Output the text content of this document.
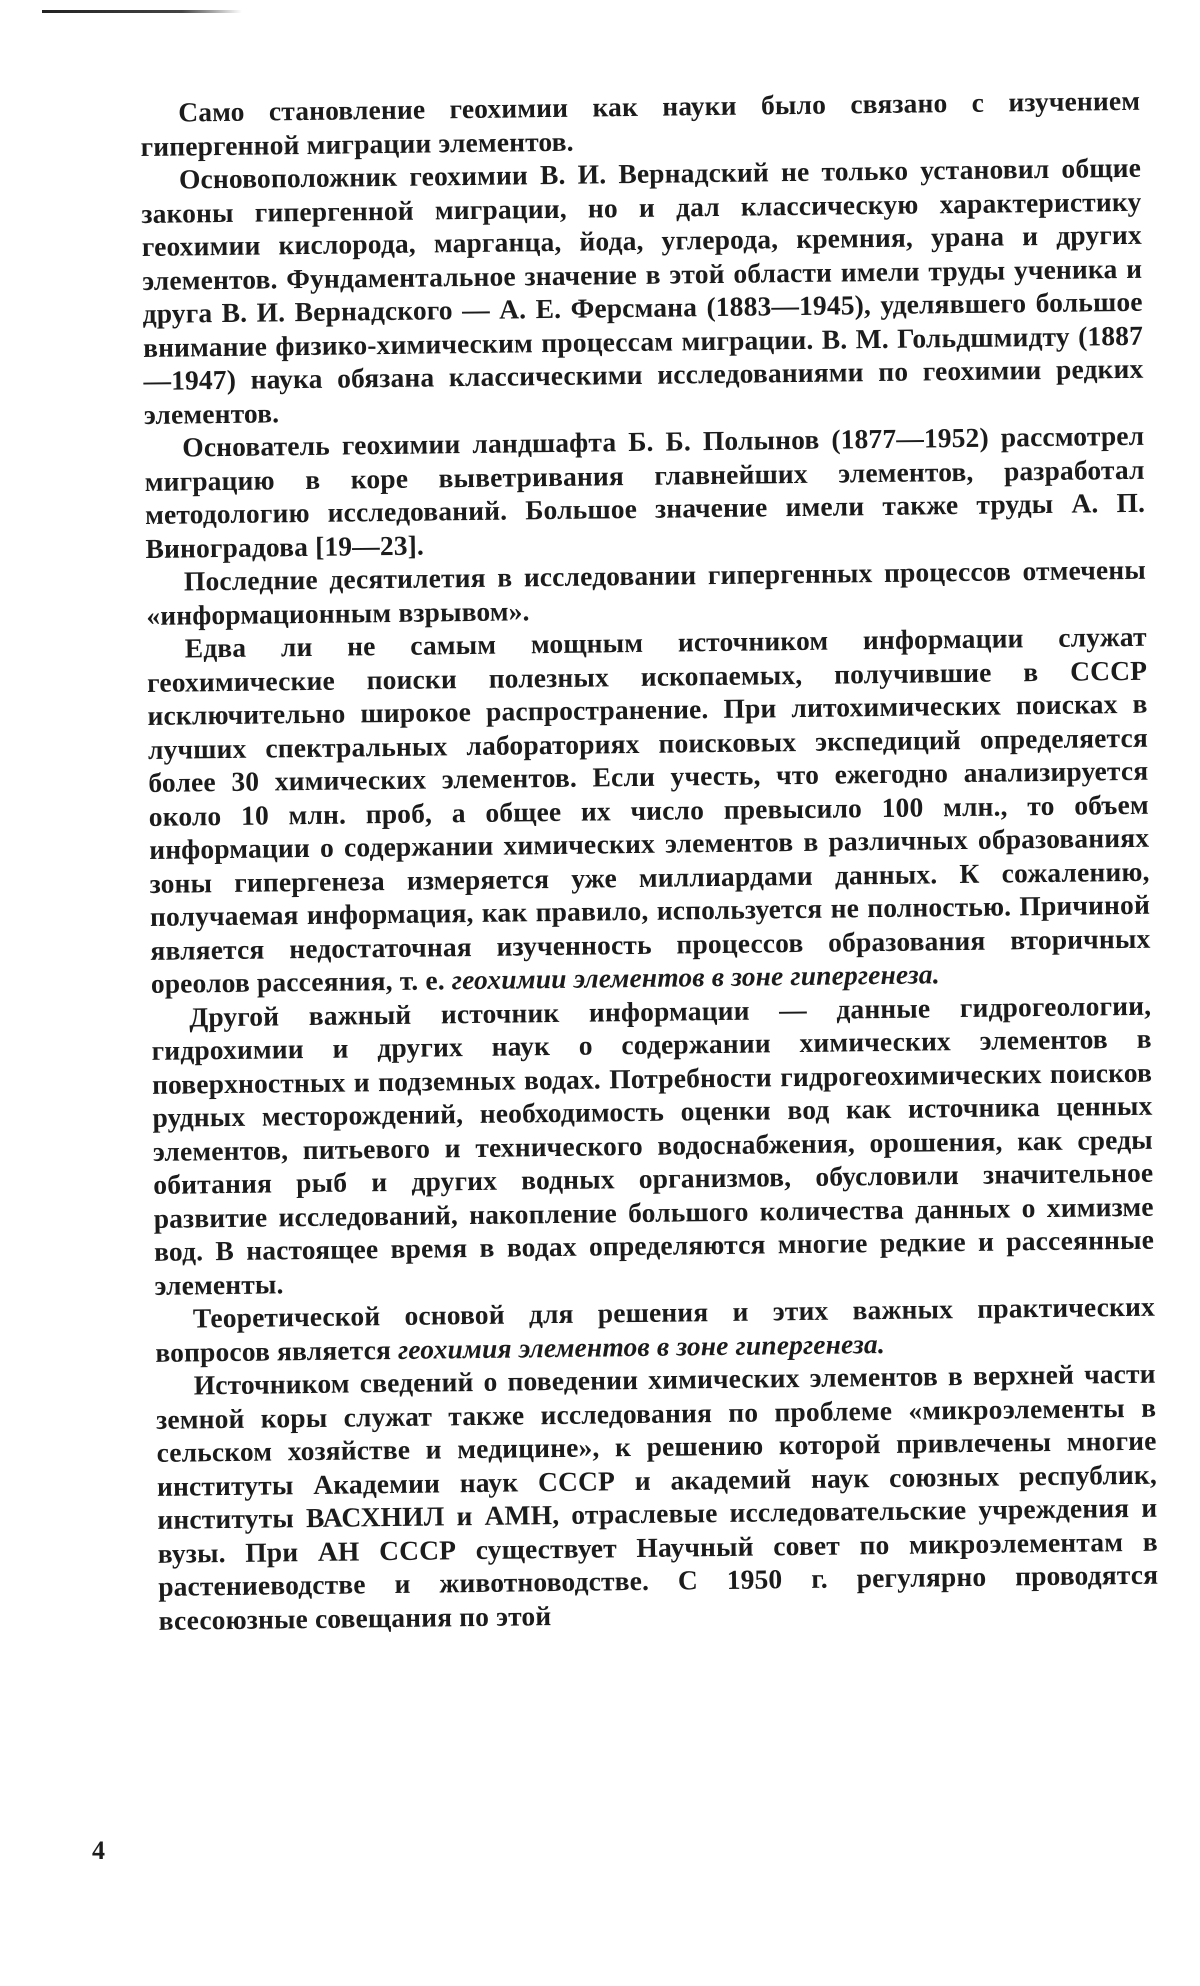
Само становление геохимии как науки было связано с изучением гипергенной миграции элементов.

Основоположник геохимии В. И. Вернадский не только установил общие законы гипергенной миграции, но и дал классическую характеристику геохимии кислорода, марганца, йода, углерода, кремния, урана и других элементов. Фундаментальное значение в этой области имели труды ученика и друга В. И. Вернадского — А. Е. Ферсмана (1883—1945), уделявшего большое внимание физико-химическим процессам миграции. В. М. Гольдшмидту (1887—1947) наука обязана классическими исследованиями по геохимии редких элементов.

Основатель геохимии ландшафта Б. Б. Полынов (1877—1952) рассмотрел миграцию в коре выветривания главнейших элементов, разработал методологию исследований. Большое значение имели также труды А. П. Виноградова [19—23].

Последние десятилетия в исследовании гипергенных процессов отмечены «информационным взрывом».

Едва ли не самым мощным источником информации служат геохимические поиски полезных ископаемых, получившие в СССР исключительно широкое распространение. При литохимических поисках в лучших спектральных лабораториях поисковых экспедиций определяется более 30 химических элементов. Если учесть, что ежегодно анализируется около 10 млн. проб, а общее их число превысило 100 млн., то объем информации о содержании химических элементов в различных образованиях зоны гипергенеза измеряется уже миллиардами данных. К сожалению, получаемая информация, как правило, используется не полностью. Причиной является недостаточная изученность процессов образования вторичных ореолов рассеяния, т. е. геохимии элементов в зоне гипергенеза.

Другой важный источник информации — данные гидрогеологии, гидрохимии и других наук о содержании химических элементов в поверхностных и подземных водах. Потребности гидрогеохимических поисков рудных месторождений, необходимость оценки вод как источника ценных элементов, питьевого и технического водоснабжения, орошения, как среды обитания рыб и других водных организмов, обусловили значительное развитие исследований, накопление большого количества данных о химизме вод. В настоящее время в водах определяются многие редкие и рассеянные элементы.

Теоретической основой для решения и этих важных практических вопросов является геохимия элементов в зоне гипергенеза.

Источником сведений о поведении химических элементов в верхней части земной коры служат также исследования по проблеме «микроэлементы в сельском хозяйстве и медицине», к решению которой привлечены многие институты Академии наук СССР и академий наук союзных республик, институты ВАСХНИЛ и АМН, отраслевые исследовательские учреждения и вузы. При АН СССР существует Научный совет по микроэлементам в растениеводстве и животноводстве. С 1950 г. регулярно проводятся всесоюзные совещания по этой

4
